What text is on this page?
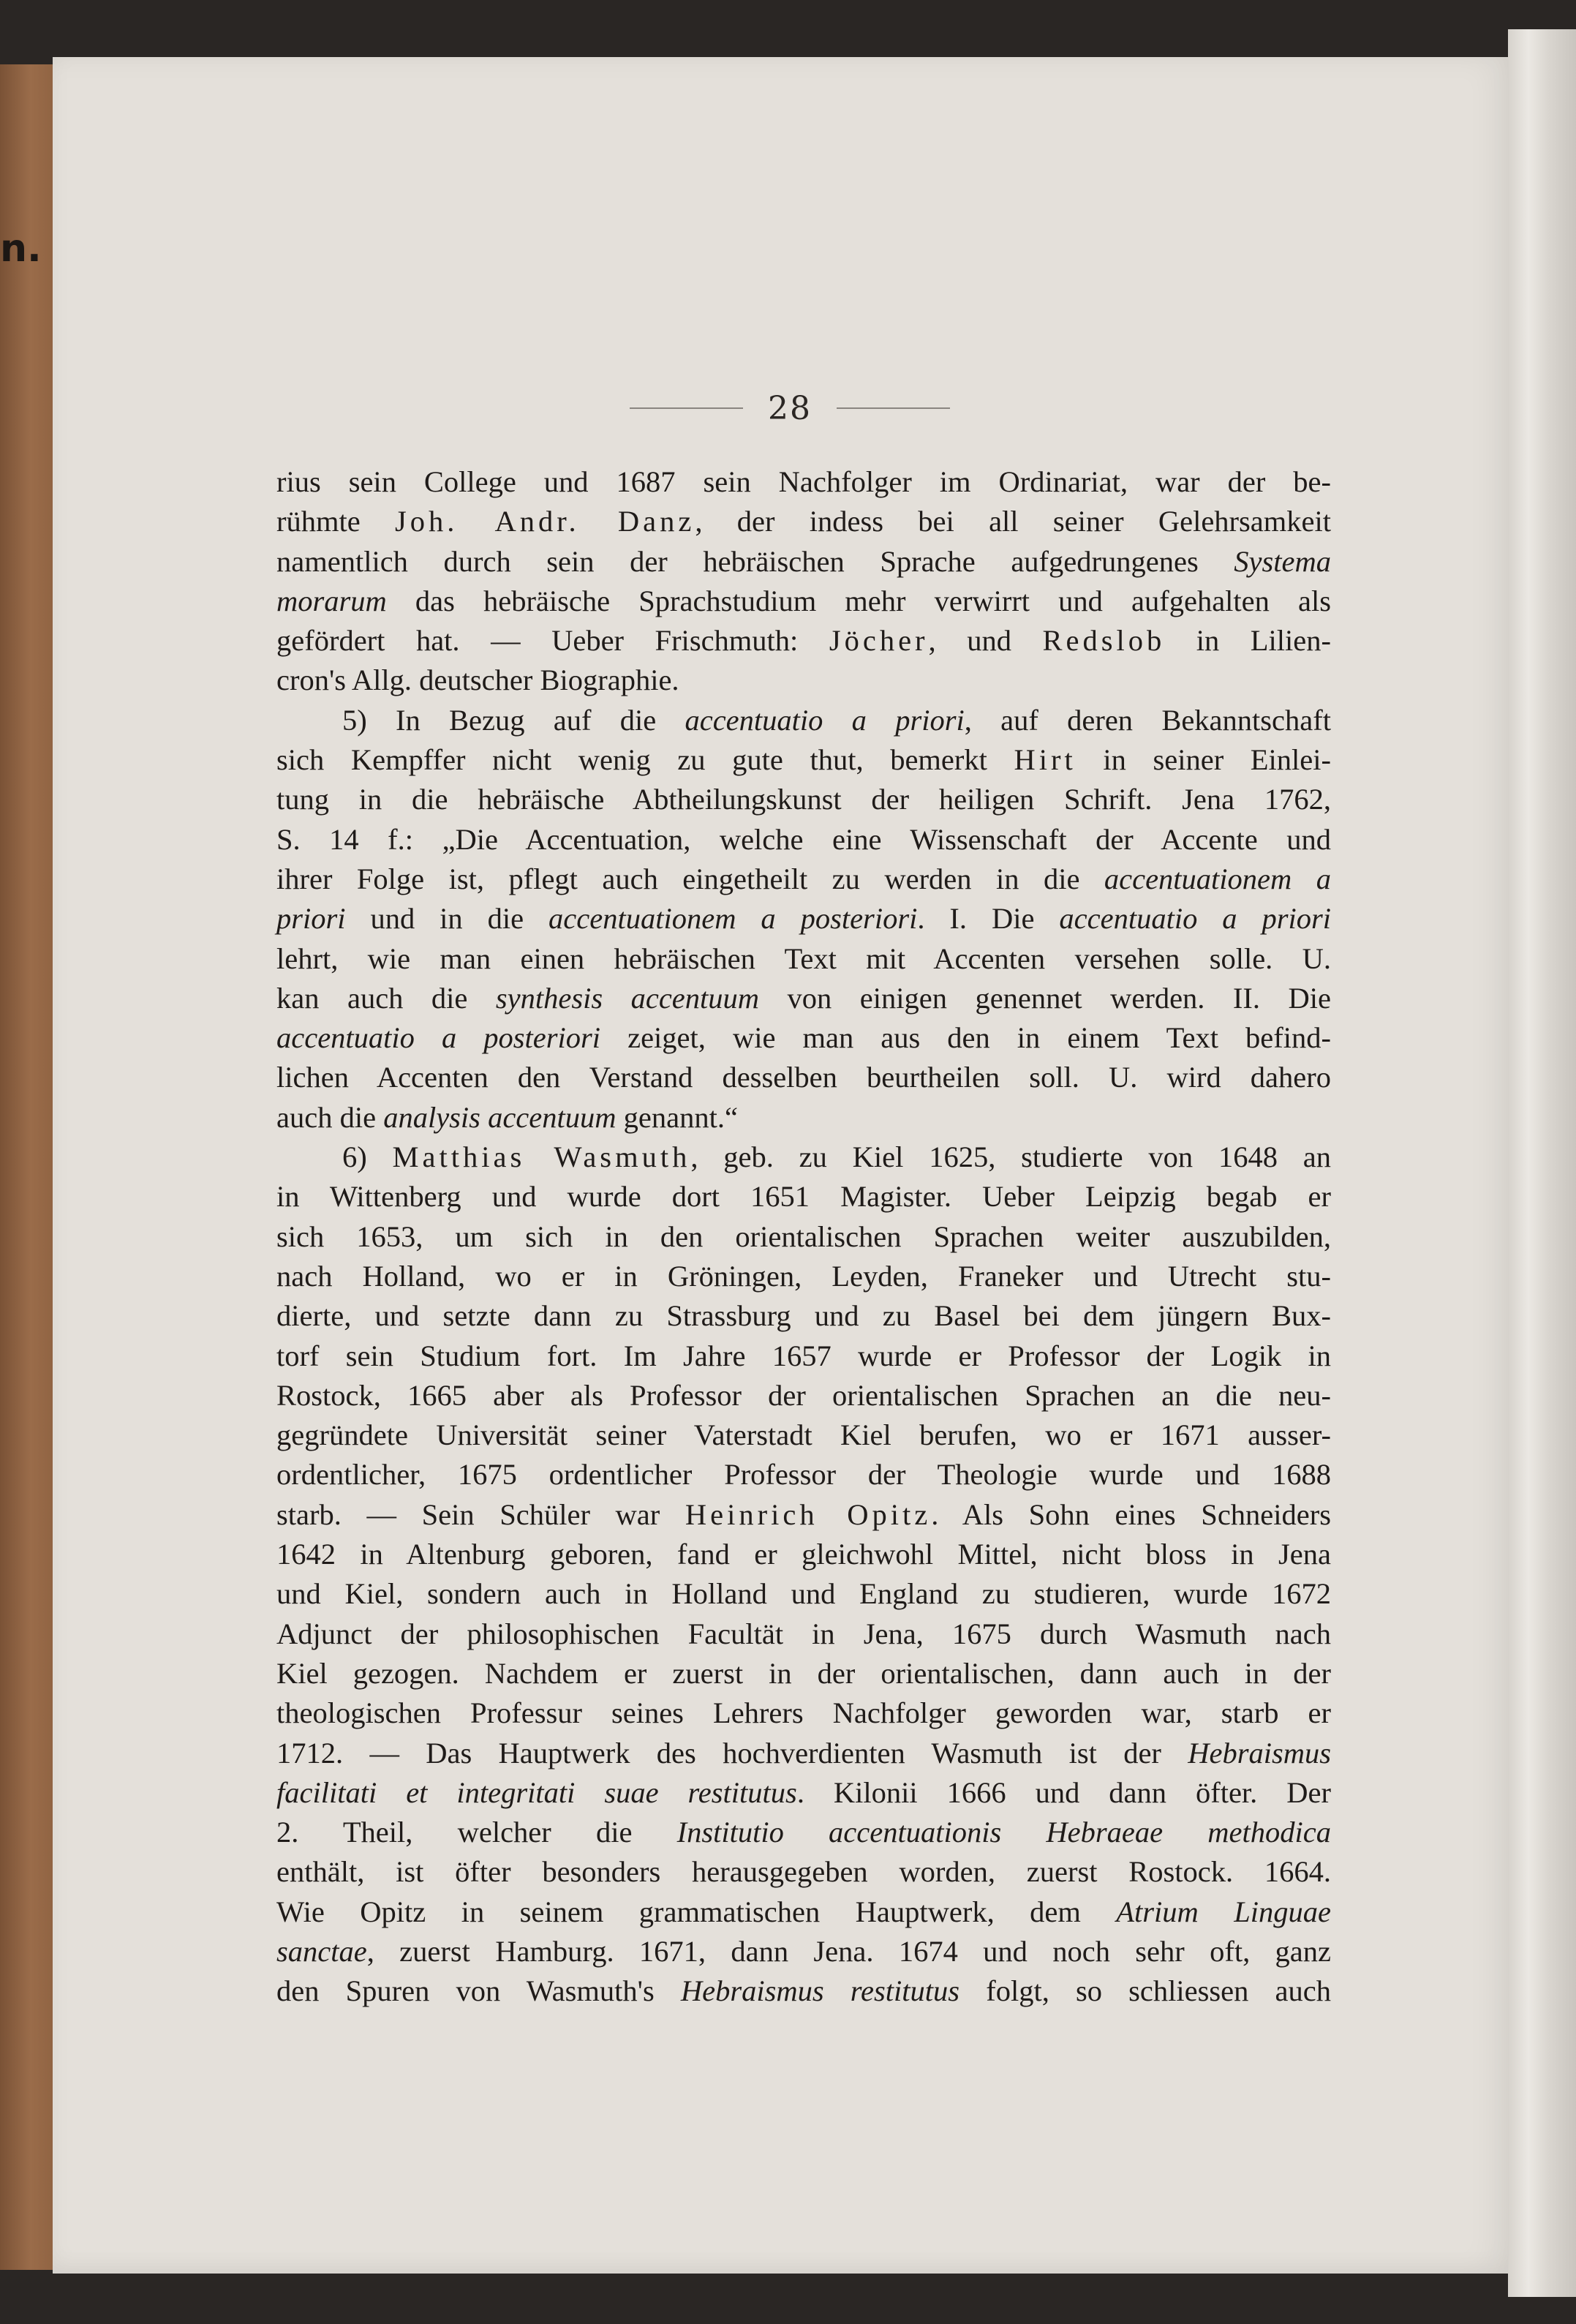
n.
28
rius sein College und 1687 sein Nachfolger im Ordinariat, war der be-
rühmte Joh. Andr. Danz, der indess bei all seiner Gelehrsamkeit
namentlich durch sein der hebräischen Sprache aufgedrungenes Systema
morarum das hebräische Sprachstudium mehr verwirrt und aufgehalten als
gefördert hat. — Ueber Frischmuth: Jöcher, und Redslob in Lilien-
cron's Allg. deutscher Biographie.
5) In Bezug auf die accentuatio a priori, auf deren Bekanntschaft
sich Kempffer nicht wenig zu gute thut, bemerkt Hirt in seiner Einlei-
tung in die hebräische Abtheilungskunst der heiligen Schrift. Jena 1762,
S. 14 f.: „Die Accentuation, welche eine Wissenschaft der Accente und
ihrer Folge ist, pflegt auch eingetheilt zu werden in die accentuationem a
priori und in die accentuationem a posteriori. I. Die accentuatio a priori
lehrt, wie man einen hebräischen Text mit Accenten versehen solle. U.
kan auch die synthesis accentuum von einigen genennet werden. II. Die
accentuatio a posteriori zeiget, wie man aus den in einem Text befind-
lichen Accenten den Verstand desselben beurtheilen soll. U. wird dahero
auch die analysis accentuum genannt.“
6) Matthias Wasmuth, geb. zu Kiel 1625, studierte von 1648 an
in Wittenberg und wurde dort 1651 Magister. Ueber Leipzig begab er
sich 1653, um sich in den orientalischen Sprachen weiter auszubilden,
nach Holland, wo er in Gröningen, Leyden, Franeker und Utrecht stu-
dierte, und setzte dann zu Strassburg und zu Basel bei dem jüngern Bux-
torf sein Studium fort. Im Jahre 1657 wurde er Professor der Logik in
Rostock, 1665 aber als Professor der orientalischen Sprachen an die neu-
gegründete Universität seiner Vaterstadt Kiel berufen, wo er 1671 ausser-
ordentlicher, 1675 ordentlicher Professor der Theologie wurde und 1688
starb. — Sein Schüler war Heinrich Opitz. Als Sohn eines Schneiders
1642 in Altenburg geboren, fand er gleichwohl Mittel, nicht bloss in Jena
und Kiel, sondern auch in Holland und England zu studieren, wurde 1672
Adjunct der philosophischen Facultät in Jena, 1675 durch Wasmuth nach
Kiel gezogen. Nachdem er zuerst in der orientalischen, dann auch in der
theologischen Professur seines Lehrers Nachfolger geworden war, starb er
1712. — Das Hauptwerk des hochverdienten Wasmuth ist der Hebraismus
facilitati et integritati suae restitutus. Kilonii 1666 und dann öfter. Der
2. Theil, welcher die Institutio accentuationis Hebraeae methodica
enthält, ist öfter besonders herausgegeben worden, zuerst Rostock. 1664.
Wie Opitz in seinem grammatischen Hauptwerk, dem Atrium Linguae
sanctae, zuerst Hamburg. 1671, dann Jena. 1674 und noch sehr oft, ganz
den Spuren von Wasmuth's Hebraismus restitutus folgt, so schliessen auch
